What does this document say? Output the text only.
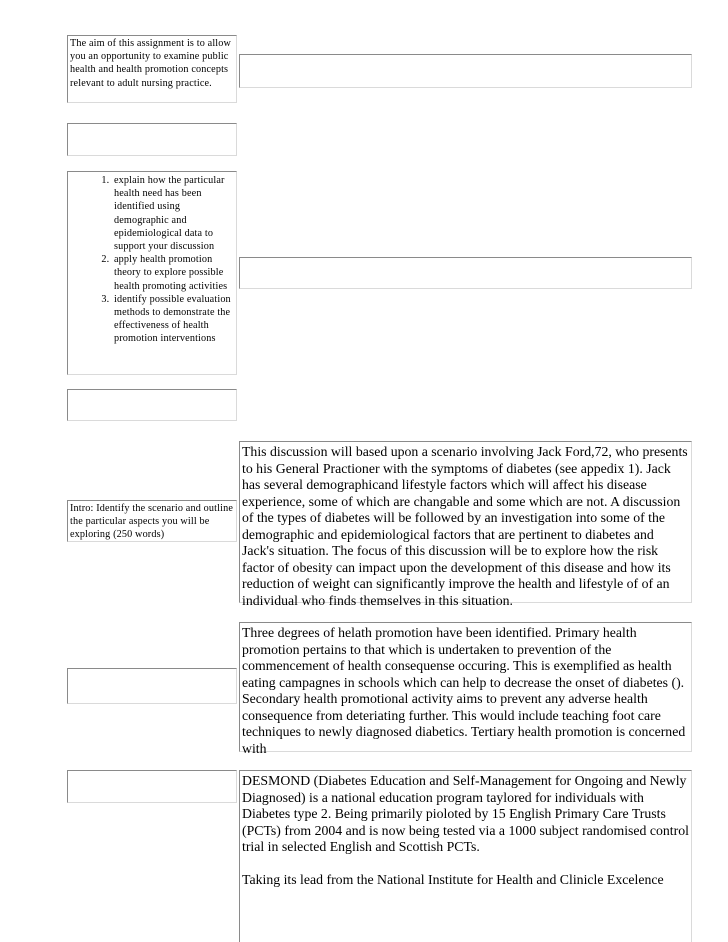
The aim of this assignment is to allow you an opportunity to examine public health and health promotion concepts relevant to adult nursing practice.
1. explain how the particular health need has been identified using demographic and epidemiological data to support your discussion
2. apply health promotion theory to explore possible health promoting activities
3. identify possible evaluation methods to demonstrate the effectiveness of health promotion interventions
Intro: Identify the scenario and outline the particular aspects you will be exploring (250 words)
This discussion will based upon a scenario involving Jack Ford,72, who presents to his General Practioner with the symptoms of diabetes (see appedix 1). Jack has several demographicand lifestyle factors which will affect his disease experience, some of which are changable and some which are not. A discussion of the types of diabetes will be followed by an investigation into some of the demographic and epidemiological factors that are pertinent to diabetes and Jack's situation. The focus of this discussion will be to explore how the risk factor of obesity can impact upon the development of this disease and how its reduction of weight can significantly improve the health and lifestyle of of an individual who finds themselves in this situation.
Three degrees of helath promotion have been identified. Primary health promotion pertains to that which is undertaken to prevention of the commencement of health consequense occuring. This is exemplified as health eating campagnes in schools which can help to decrease the onset of diabetes (). Secondary health promotional activity aims to prevent any adverse health consequence from deteriating further. This would include teaching foot care techniques to newly diagnosed diabetics. Tertiary health promotion is concerned with

DESMOND (Diabetes Education and Self-Management for Ongoing and Newly Diagnosed) is a national education program taylored for individuals with Diabetes type 2. Being primarily pioloted by 15 English Primary Care Trusts (PCTs) from 2004 and is now being tested via a 1000 subject randomised control trial in selected English and Scottish PCTs.

Taking its lead from the National Institute for Health and Clinicle Excelence
